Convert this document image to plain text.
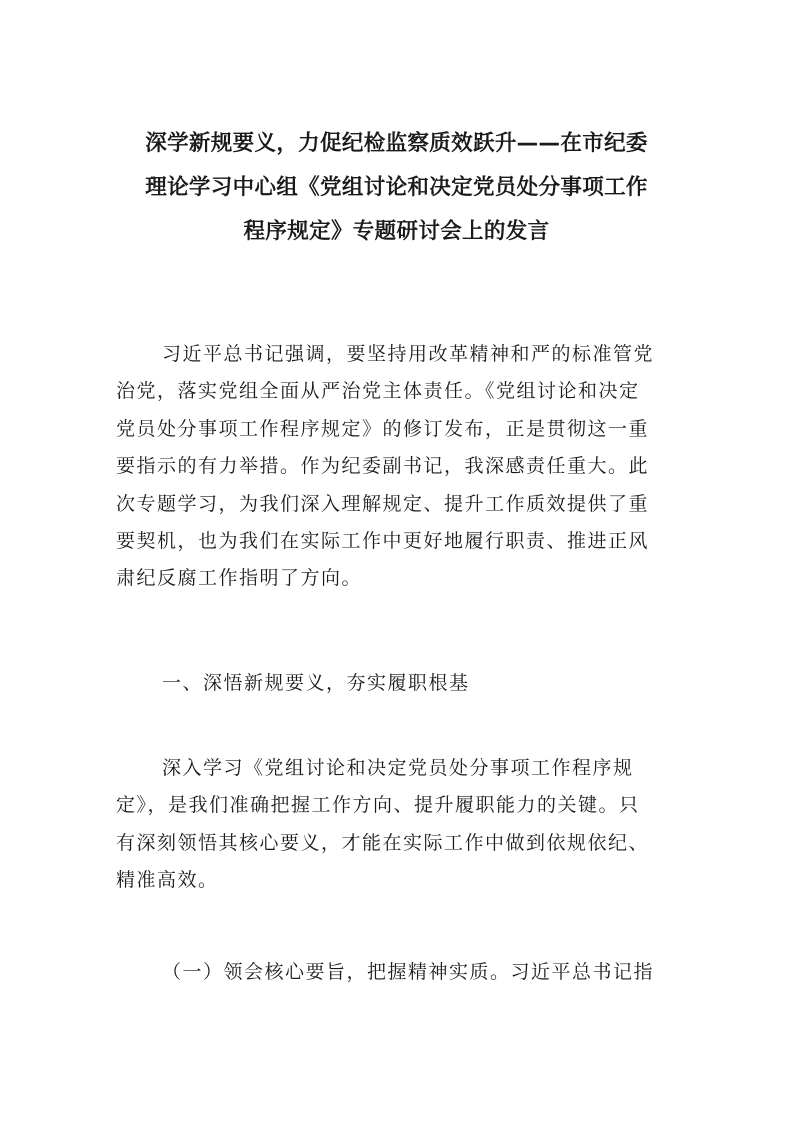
深学新规要义，力促纪检监察质效跃升——在市纪委
理论学习中心组《党组讨论和决定党员处分事项工作
程序规定》专题研讨会上的发言
习近平总书记强调，要坚持用改革精神和严的标准管党
治党，落实党组全面从严治党主体责任。《党组讨论和决定
党员处分事项工作程序规定》的修订发布，正是贯彻这一重
要指示的有力举措。作为纪委副书记，我深感责任重大。此
次专题学习，为我们深入理解规定、提升工作质效提供了重
要契机，也为我们在实际工作中更好地履行职责、推进正风
肃纪反腐工作指明了方向。
一、深悟新规要义，夯实履职根基
深入学习《党组讨论和决定党员处分事项工作程序规
定》，是我们准确把握工作方向、提升履职能力的关键。只
有深刻领悟其核心要义，才能在实际工作中做到依规依纪、
精准高效。
（一）领会核心要旨，把握精神实质。习近平总书记指
